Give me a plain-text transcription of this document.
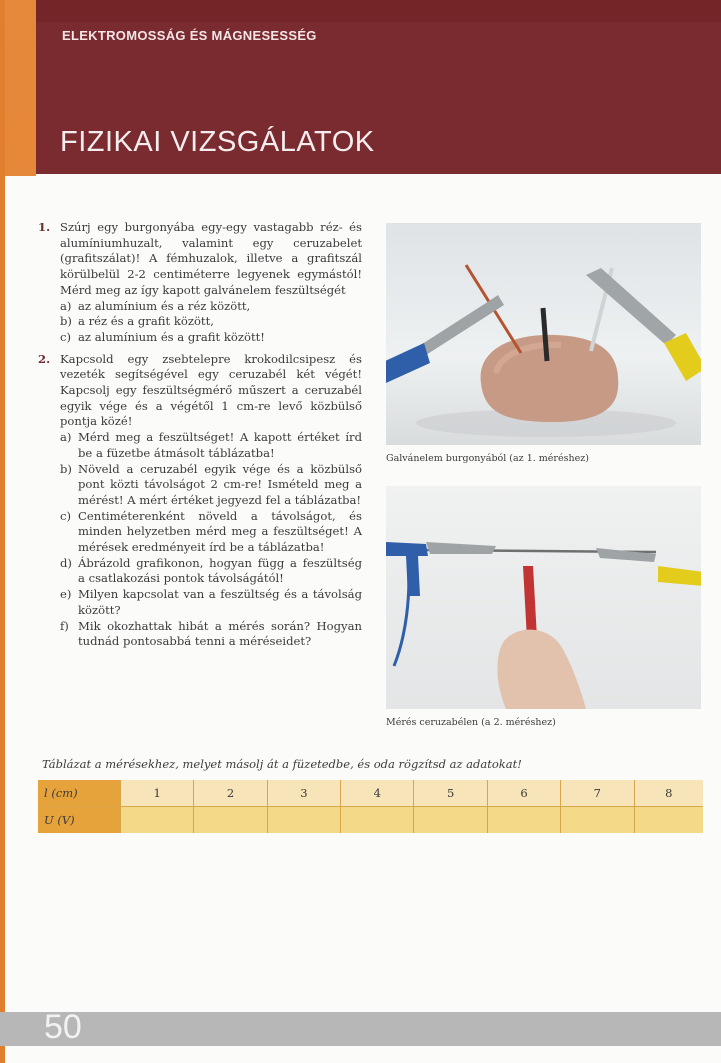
ELEKTROMOSSÁG ÉS MÁGNESESSÉG
FIZIKAI VIZSGÁLATOK
1. Szúrj egy burgonyába egy-egy vastagabb réz- és alumíniumhuzalt, valamint egy ceruzabelet (grafitszálat)! A fémhuzalok, illetve a grafitszál körülbelül 2-2 centiméterre legyenek egymástól! Mérd meg az így kapott galvánelem feszültségét
a) az alumínium és a réz között,
b) a réz és a grafit között,
c) az alumínium és a grafit között!
2. Kapcsold egy zsebtelepre krokodilcsipesz és vezeték segítségével egy ceruzabél két végét! Kapcsolj egy feszültségmérő műszert a ceruzabél egyik vége és a végétől 1 cm-re levő közbülső pontja közé!
a) Mérd meg a feszültséget! A kapott értéket írd be a füzetbe átmásolt táblázatba!
b) Növeld a ceruzabél egyik vége és a közbülső pont közti távolságot 2 cm-re! Ismételd meg a mérést! A mért értéket jegyezd fel a táblázatba!
c) Centiméterenként növeld a távolságot, és minden helyzetben mérd meg a feszültséget! A mérések eredményeit írd be a táblázatba!
d) Ábrázold grafikonon, hogyan függ a feszültség a csatlakozási pontok távolságától!
e) Milyen kapcsolat van a feszültség és a távolság között?
f) Mik okozhattak hibát a mérés során? Hogyan tudnád pontosabbá tenni a méréseidet?
Galvánelem burgonyából (az 1. méréshez)
Mérés ceruzabélen (a 2. méréshez)
Táblázat a mérésekhez, melyet másolj át a füzetedbe, és oda rögzítsd az adatokat!
l (cm)	1	2	3	4	5	6	7	8
U (V)								
50
